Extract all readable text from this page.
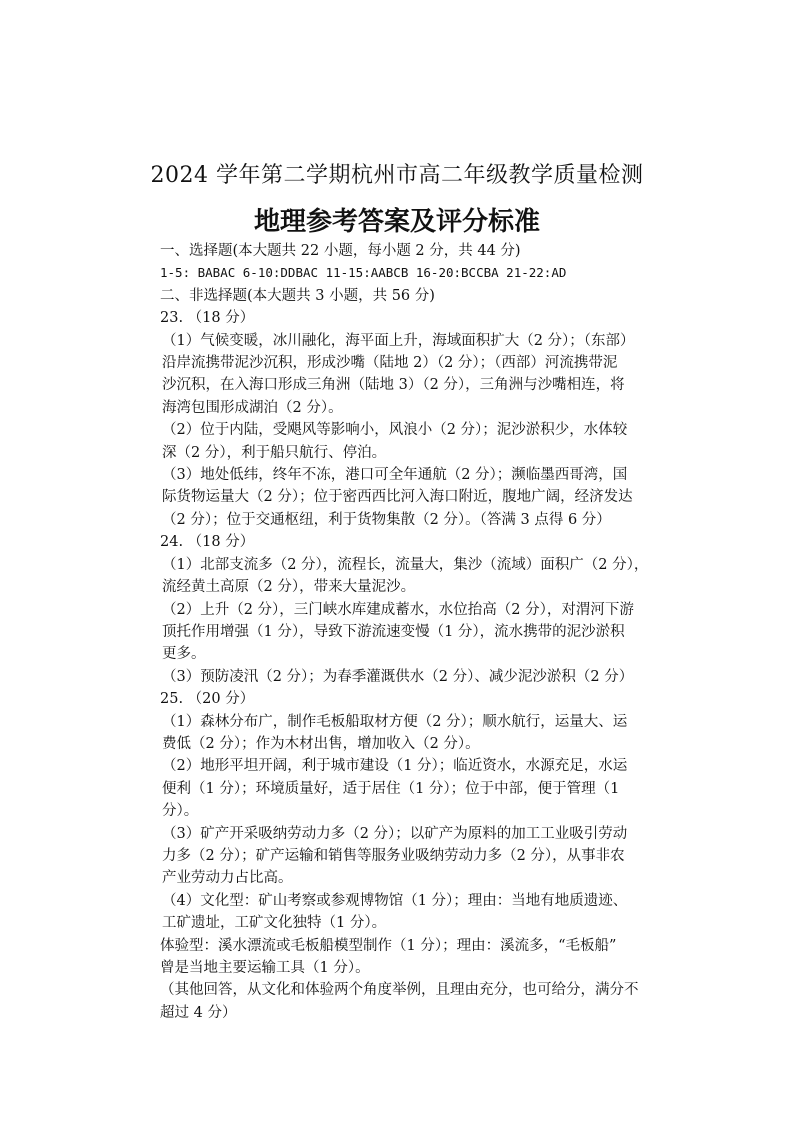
2024 学年第二学期杭州市高二年级教学质量检测
地理参考答案及评分标准
一、选择题(本大题共 22 小题，每小题 2 分，共 44 分)
1-5: BABAC 6-10:DDBAC 11-15:AABCB 16-20:BCCBA 21-22:AD
二、非选择题(本大题共 3 小题，共 56 分)
23. （18 分）
（1）气候变暖，冰川融化，海平面上升，海域面积扩大（2 分）；（东部）
沿岸流携带泥沙沉积，形成沙嘴（陆地 2）（2 分）；（西部）河流携带泥
沙沉积，在入海口形成三角洲（陆地 3）（2 分），三角洲与沙嘴相连，将
海湾包围形成湖泊（2 分）。
（2）位于内陆，受飓风等影响小，风浪小（2 分）；泥沙淤积少，水体较
深（2 分），利于船只航行、停泊。
（3）地处低纬，终年不冻，港口可全年通航（2 分）；濒临墨西哥湾，国
际货物运量大（2 分）；位于密西西比河入海口附近，腹地广阔，经济发达
（2 分）；位于交通枢纽，利于货物集散（2 分）。（答满 3 点得 6 分）
24. （18 分）
（1）北部支流多（2 分），流程长，流量大，集沙（流域）面积广（2 分），
流经黄土高原（2 分），带来大量泥沙。
（2）上升（2 分），三门峡水库建成蓄水，水位抬高（2 分），对渭河下游
顶托作用增强（1 分），导致下游流速变慢（1 分），流水携带的泥沙淤积
更多。
（3）预防凌汛（2 分）；为春季灌溉供水（2 分）、减少泥沙淤积（2 分）
25. （20 分）
（1）森林分布广，制作毛板船取材方便（2 分）；顺水航行，运量大、运
费低（2 分）；作为木材出售，增加收入（2 分）。
（2）地形平坦开阔，利于城市建设（1 分）；临近资水，水源充足，水运
便利（1 分）；环境质量好，适于居住（1 分）；位于中部，便于管理（1
分）。
（3）矿产开采吸纳劳动力多（2 分）；以矿产为原料的加工工业吸引劳动
力多（2 分）；矿产运输和销售等服务业吸纳劳动力多（2 分），从事非农
产业劳动力占比高。
（4）文化型：矿山考察或参观博物馆（1 分）；理由：当地有地质遗迹、
工矿遗址，工矿文化独特（1 分）。
体验型：溪水漂流或毛板船模型制作（1 分）；理由：溪流多，“毛板船”
曾是当地主要运输工具（1 分）。
（其他回答，从文化和体验两个角度举例，且理由充分，也可给分，满分不
超过 4 分）
